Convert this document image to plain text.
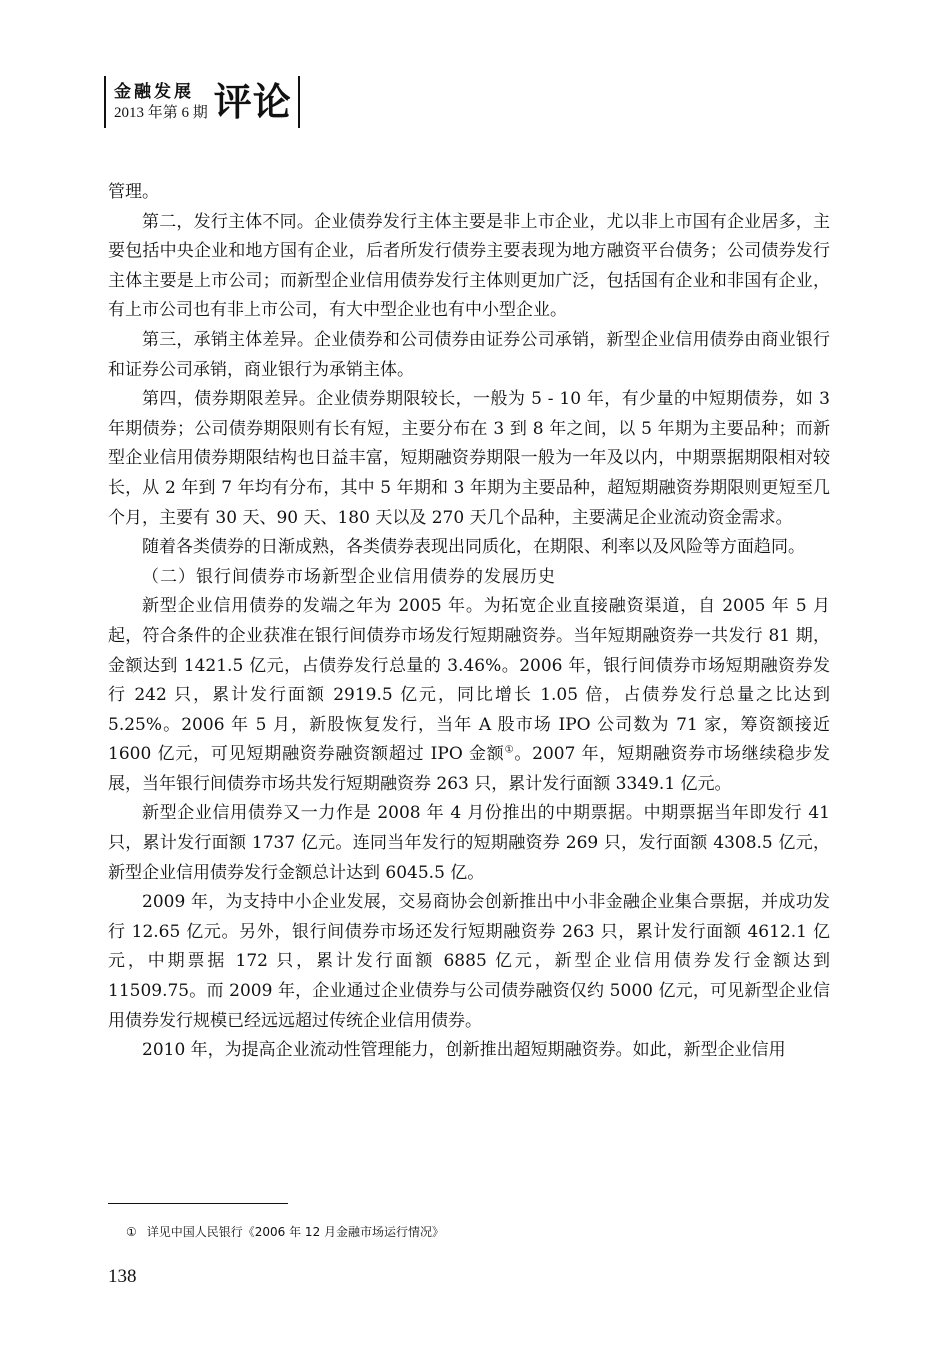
金融发展
2013 年第 6 期 评论

管理。

第二，发行主体不同。企业债券发行主体主要是非上市企业，尤以非上市国有企业居多，主要包括中央企业和地方国有企业，后者所发行债券主要表现为地方融资平台债务；公司债券发行主体主要是上市公司；而新型企业信用债券发行主体则更加广泛，包括国有企业和非国有企业，有上市公司也有非上市公司，有大中型企业也有中小型企业。

第三，承销主体差异。企业债券和公司债券由证券公司承销，新型企业信用债券由商业银行和证券公司承销，商业银行为承销主体。

第四，债券期限差异。企业债券期限较长，一般为 5 - 10 年，有少量的中短期债券，如 3 年期债券；公司债券期限则有长有短，主要分布在 3 到 8 年之间，以 5 年期为主要品种；而新型企业信用债券期限结构也日益丰富，短期融资券期限一般为一年及以内，中期票据期限相对较长，从 2 年到 7 年均有分布，其中 5 年期和 3 年期为主要品种，超短期融资券期限则更短至几个月，主要有 30 天、90 天、180 天以及 270 天几个品种，主要满足企业流动资金需求。

随着各类债券的日渐成熟，各类债券表现出同质化，在期限、利率以及风险等方面趋同。

（二）银行间债券市场新型企业信用债券的发展历史

新型企业信用债券的发端之年为 2005 年。为拓宽企业直接融资渠道，自 2005 年 5 月起，符合条件的企业获准在银行间债券市场发行短期融资券。当年短期融资券一共发行 81 期，金额达到 1421.5 亿元，占债券发行总量的 3.46%。2006 年，银行间债券市场短期融资券发行 242 只，累计发行面额 2919.5 亿元，同比增长 1.05 倍，占债券发行总量之比达到 5.25%。2006 年 5 月，新股恢复发行，当年 A 股市场 IPO 公司数为 71 家，筹资额接近 1600 亿元，可见短期融资券融资额超过 IPO 金额①。2007 年，短期融资券市场继续稳步发展，当年银行间债券市场共发行短期融资券 263 只，累计发行面额 3349.1 亿元。

新型企业信用债券又一力作是 2008 年 4 月份推出的中期票据。中期票据当年即发行 41 只，累计发行面额 1737 亿元。连同当年发行的短期融资券 269 只，发行面额 4308.5 亿元，新型企业信用债券发行金额总计达到 6045.5 亿。

2009 年，为支持中小企业发展，交易商协会创新推出中小非金融企业集合票据，并成功发行 12.65 亿元。另外，银行间债券市场还发行短期融资券 263 只，累计发行面额 4612.1 亿元，中期票据 172 只，累计发行面额 6885 亿元，新型企业信用债券发行金额达到 11509.75。而 2009 年，企业通过企业债券与公司债券融资仅约 5000 亿元，可见新型企业信用债券发行规模已经远远超过传统企业信用债券。

2010 年，为提高企业流动性管理能力，创新推出超短期融资券。如此，新型企业信用

① 详见中国人民银行《2006 年 12 月金融市场运行情况》
138
